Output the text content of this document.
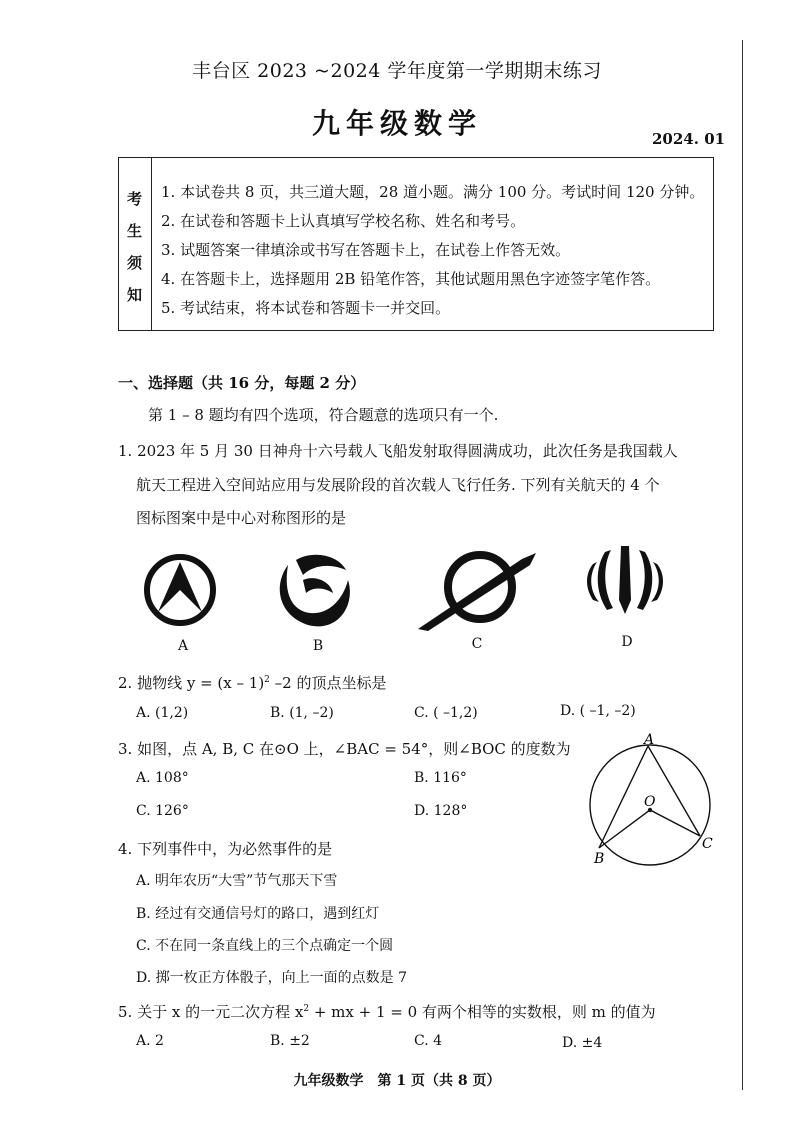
丰台区 2023 ~2024 学年度第一学期期末练习
九年级数学	2024. 01
考
生
须
知
1. 本试卷共 8 页，共三道大题，28 道小题。满分 100 分。考试时间 120 分钟。
2. 在试卷和答题卡上认真填写学校名称、姓名和考号。
3. 试题答案一律填涂或书写在答题卡上，在试卷上作答无效。
4. 在答题卡上，选择题用 2B 铅笔作答，其他试题用黑色字迹签字笔作答。
5. 考试结束，将本试卷和答题卡一并交回。
一、选择题（共 16 分，每题 2 分）
第 1 – 8 题均有四个选项，符合题意的选项只有一个.
1. 2023 年 5 月 30 日神舟十六号载人飞船发射取得圆满成功，此次任务是我国载人
航天工程进入空间站应用与发展阶段的首次载人飞行任务. 下列有关航天的 4 个
图标图案中是中心对称图形的是
A	B	C	D
2. 抛物线 y = (x – 1)$^2$ –2 的顶点坐标是
A. (1,2)	B. (1, –2)	C. ( –1,2)	D. ( –1, –2)
3. 如图，点 A, B, C 在⊙O 上，∠BAC = 54°，则∠BOC 的度数为
A. 108°	B. 116°
C. 126°	D. 128°
A
O
B
C
4. 下列事件中，为必然事件的是
A. 明年农历“大雪”节气那天下雪
B. 经过有交通信号灯的路口，遇到红灯
C. 不在同一条直线上的三个点确定一个圆
D. 掷一枚正方体骰子，向上一面的点数是 7
5. 关于 x 的一元二次方程 $x^2$ + mx + 1 = 0 有两个相等的实数根，则 m 的值为
A. 2	B. ±2	C. 4	D. ±4
九年级数学　第 1 页（共 8 页）
